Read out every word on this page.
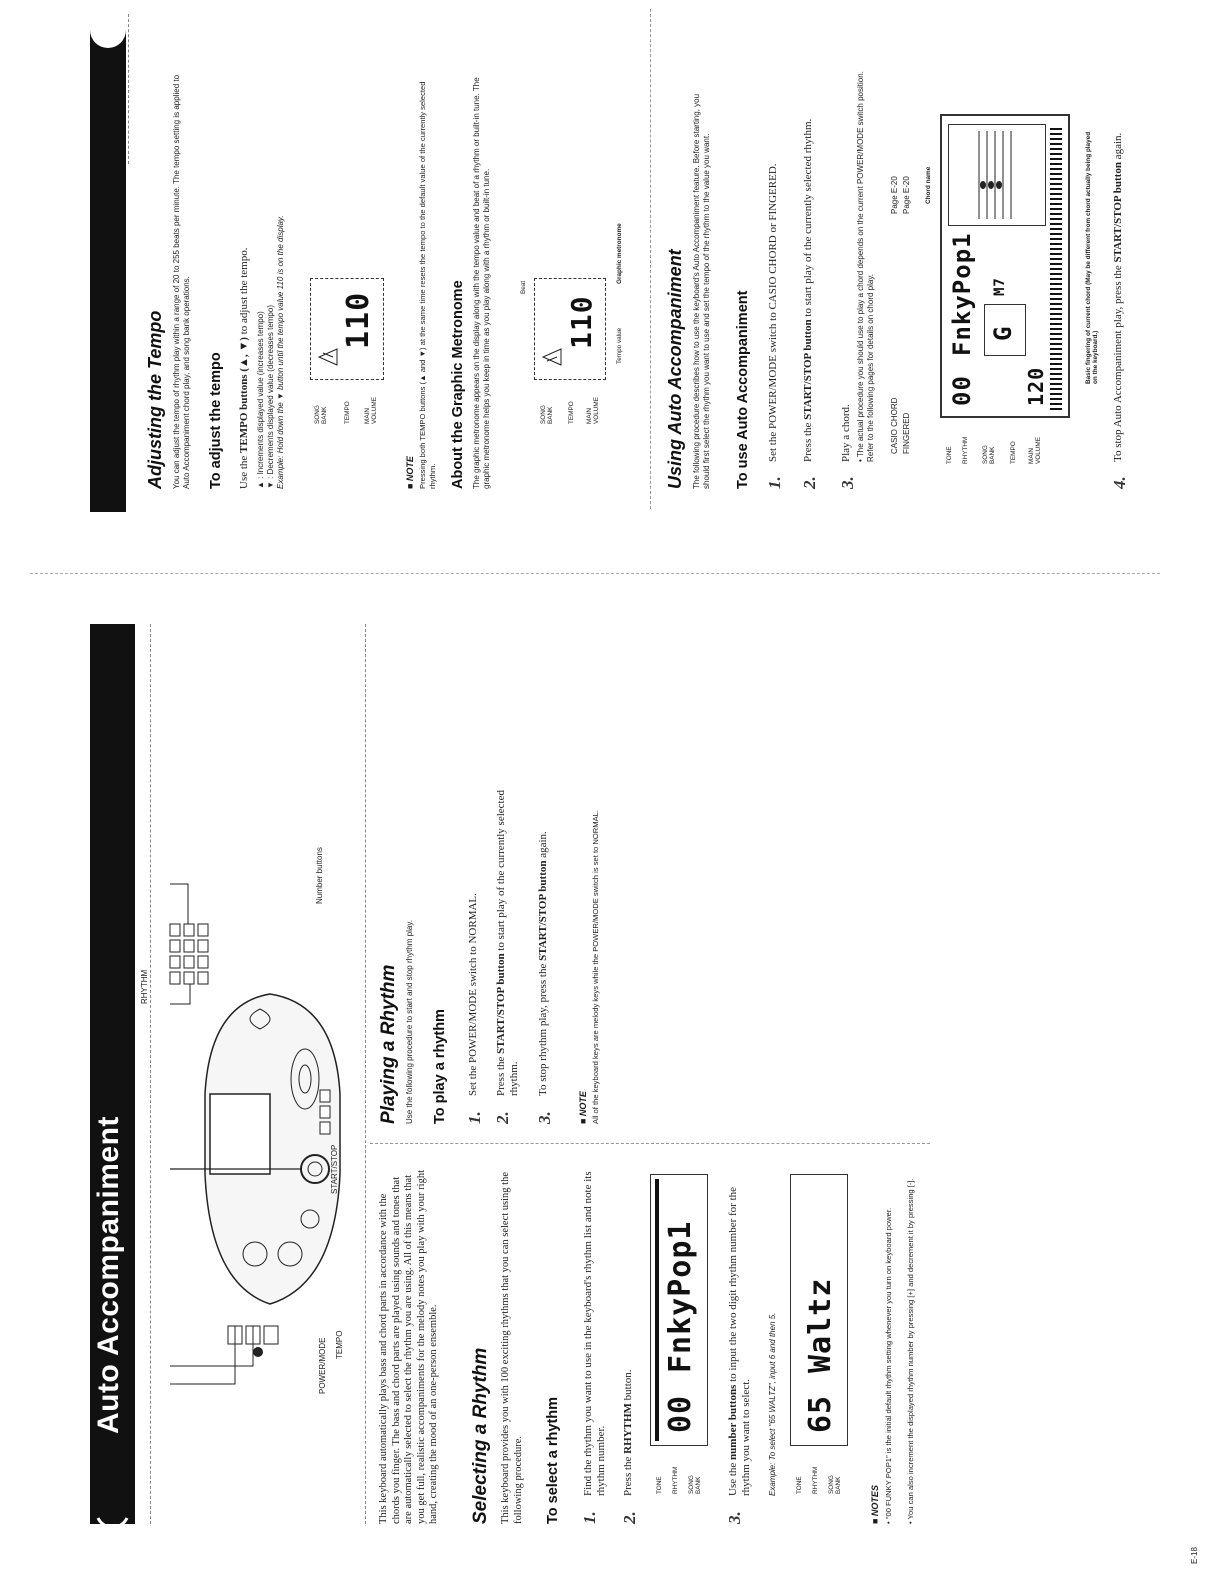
Auto Accompaniment	POWER/MODE TEMPO
START/STOP
RHYTHM
Number buttons
This keyboard automatically plays bass and chord parts in accordance with the chords you finger. The bass and chord parts are played using sounds and tones that are automatically selected to select the rhythm you are using. All of this means that you get full, realistic accompaniments for the melody notes you play with your right hand, creating the mood of an one-person ensemble. Selecting a Rhythm This keyboard provides you with 100 exciting rhythms that you can select using the following procedure. To select a rhythm 1.
Find the rhythm you want to use in the keyboard's rhythm list and note its rhythm number.
2.
Press the RHYTHM button.
TONE RHYTHM SONG BANK
00
FnkyPop1
3.
Use the number buttons to input the two digit rhythm number for the rhythm you want to select. Example: To select "65 WALTZ", input 6 and then 5.	TONE RHYTHM SONG BANK
65
Waltz
■ NOTES
• "00 FUNKY POP1" is the initial default rhythm setting whenever you turn on keyboard power.
• You can also increment the displayed rhythm number by pressing [+] and decrement it by pressing [-].
Playing a Rhythm Use the following procedure to start and stop rhythm play. To play a rhythm 1.
Set the POWER/MODE switch to NORMAL.
2.
Press the START/STOP button to start play of the currently selected rhythm.
3.
To stop rhythm play, press the START/STOP button again.
■ NOTE All of the keyboard keys are melody keys while the POWER/MODE switch is set to NORMAL.
E-18
Adjusting the Tempo You can adjust the tempo of rhythm play within a range of 20 to 255 beats per minute. The tempo setting is applied to Auto Accompaniment chord play, and song bank operations. To adjust the tempo Use the TEMPO buttons (▲, ▼) to adjust the tempo.
▲ : Increments displayed value (increases tempo) ▼ : Decrements displayed value (decreases tempo) Example: Hold down the ▼ button until the tempo value 110 is on the display.	SONG BANK	TEMPO MAIN VOLUME
110
■ NOTE Pressing both TEMPO buttons (▲ and ▼) at the same time resets the tempo to the default value of the currently selected rhythm. About the Graphic Metronome The graphic metronome appears on the display along with the tempo value and beat of a rhythm or built-in tune. The graphic metronome helps you keep in time as you play along with a rhythm or built-in tune.	Beat
SONG BANK TEMPO MAIN VOLUME
110	Tempo value
Graphic metronome Using Auto Accompaniment The following procedure describes how to use the keyboard's Auto Accompaniment feature. Before starting, you should first select the rhythm you want to use and set the tempo of the rhythm to the value you want. To use Auto Accompaniment 1.
Set the POWER/MODE switch to CASIO CHORD or FINGERED.
2.
Press the START/STOP button to start play of the currently selected rhythm.
3.
Play a chord. • The actual procedure you should use to play a chord depends on the current POWER/MODE switch position. Refer to the following pages for details on chord play. CASIO CHORD
Page E-20
FINGERED
Page E-20 Chord name
TONE RHYTHM SONG BANK TEMPO MAIN VOLUME
00
FnkyPop1 G
M7
120
Basic fingering of current chord (May be different from chord actually being played on the keyboard.)
4.
To stop Auto Accompaniment play, press the START/STOP button again.
